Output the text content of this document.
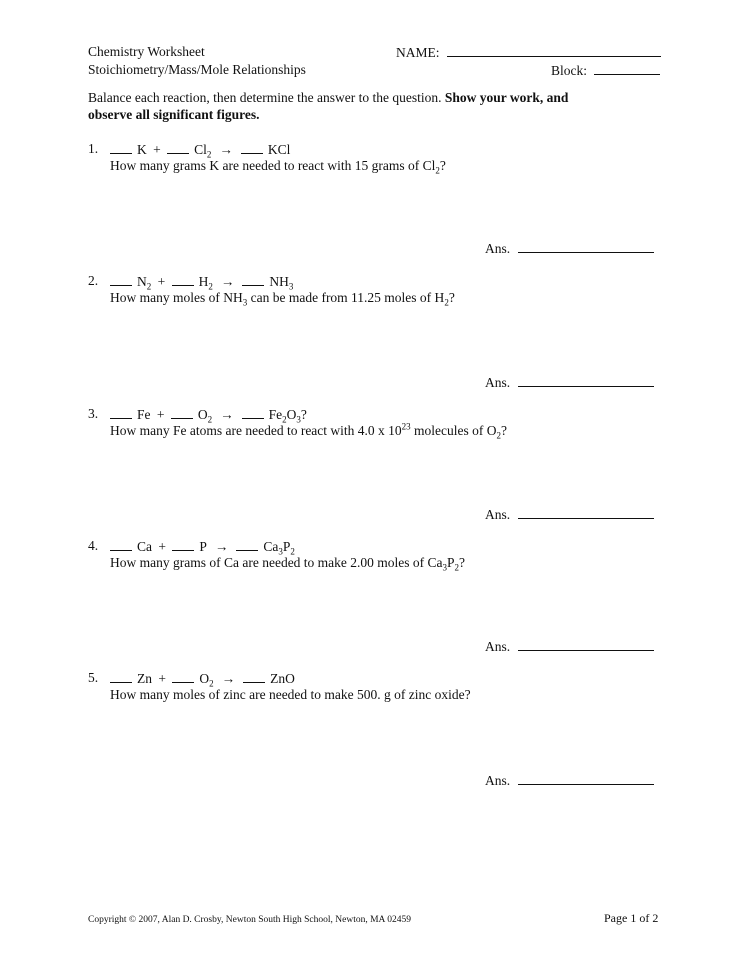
Chemistry Worksheet
Stoichiometry/Mass/Mole Relationships
NAME:
Block:
Balance each reaction, then determine the answer to the question. Show your work, and
observe all significant figures.
1.	$K + Cl_2$ →	KCl
How many grams K are needed to react with 15 grams of $Cl_2$?
Ans.
2.	$N_2 + H_2$ →	$NH_3$
How many moles of $NH_3$ can be made from 11.25 moles of $H_2$?
Ans.
3.	$Fe + O_2$ →	$Fe_2O_3$?
How many Fe atoms are needed to react with 4.0 x $10^{23}$ molecules of $O_2$?
Ans.
4.	Ca + P →	$Ca_3P_2$
How many grams of Ca are needed to make 2.00 moles of $Ca_3P_2$?
Ans.
5.	$Zn + O_2$ →	ZnO
How many moles of zinc are needed to make 500. g of zinc oxide?
Ans.
Copyright © 2007, Alan D. Crosby, Newton South High School, Newton, MA 02459	Page 1 of 2
